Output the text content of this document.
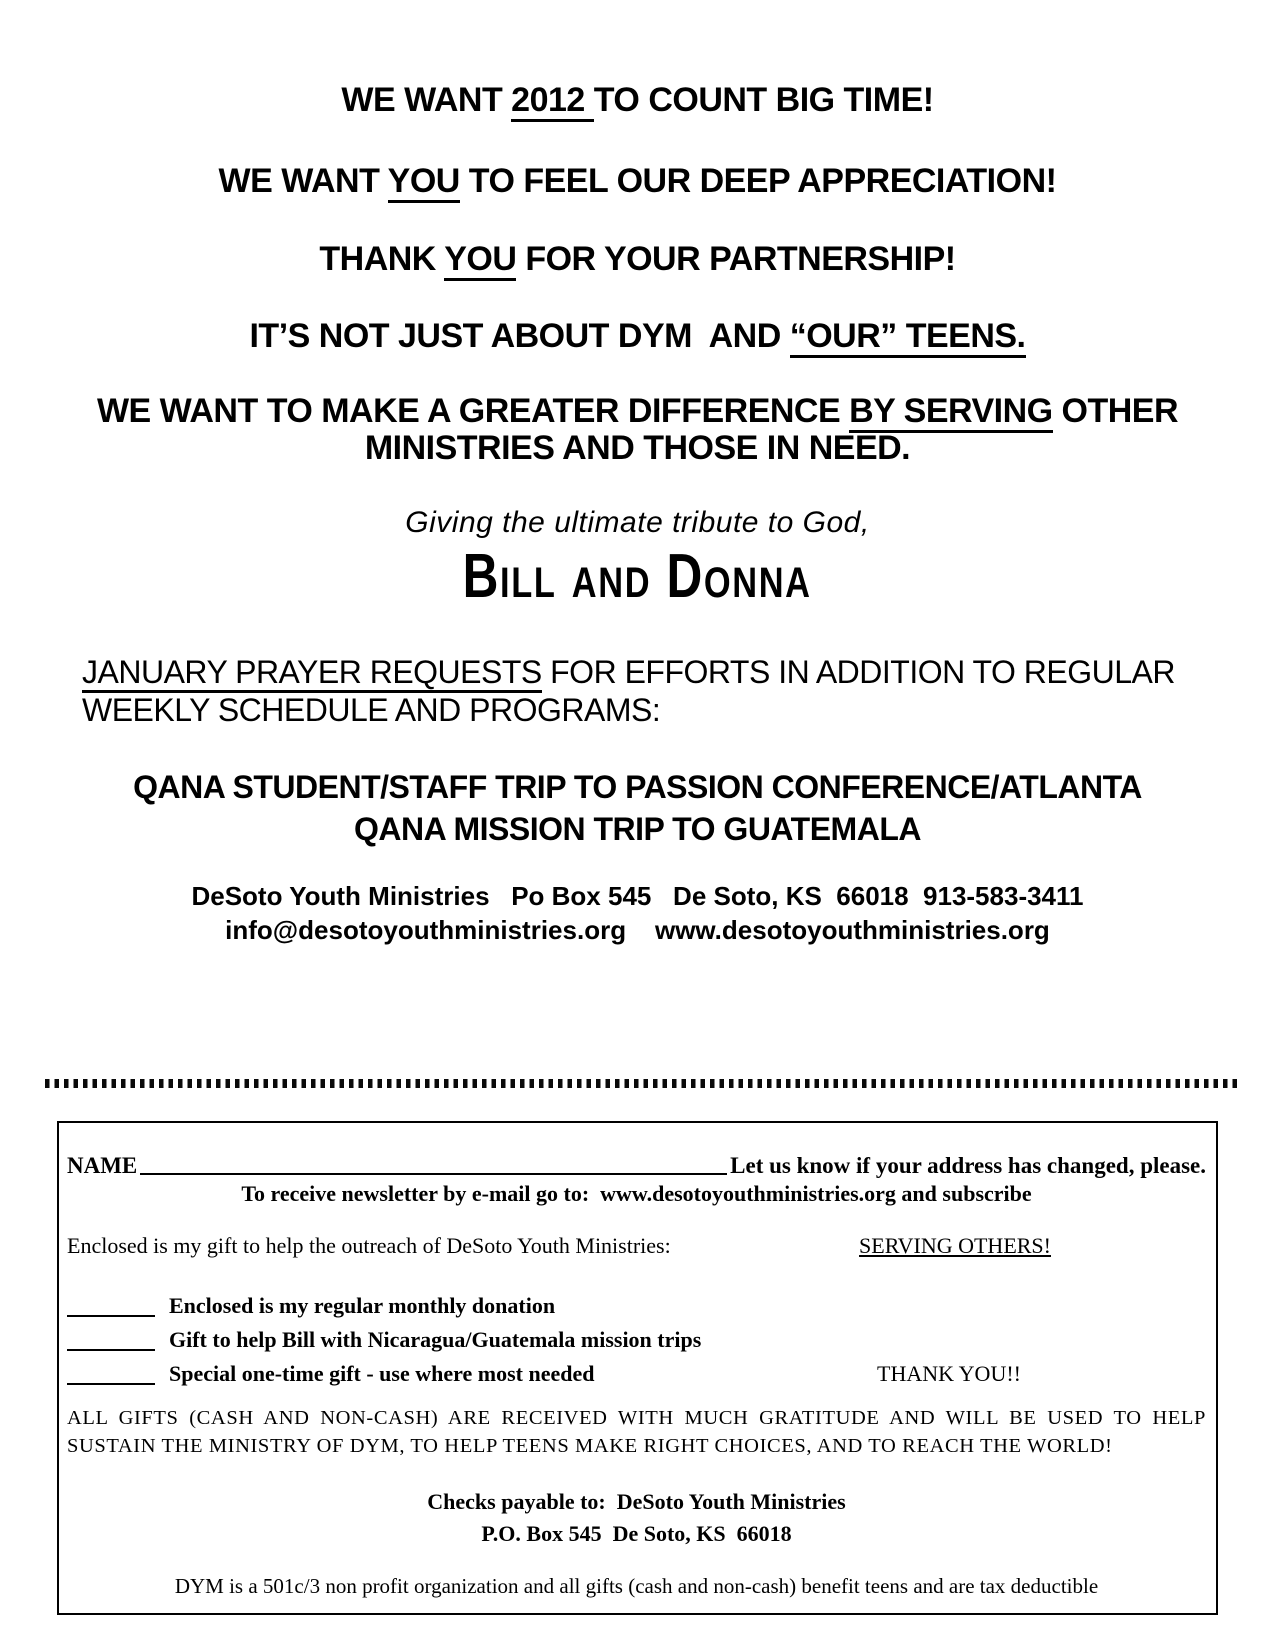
WE WANT 2012 TO COUNT BIG TIME!
WE WANT YOU TO FEEL OUR DEEP APPRECIATION!
THANK YOU FOR YOUR PARTNERSHIP!
IT’S NOT JUST ABOUT DYM  AND “OUR” TEENS.
WE WANT TO MAKE A GREATER DIFFERENCE BY SERVING OTHER
MINISTRIES AND THOSE IN NEED.
Giving the ultimate tribute to God,
Bill and Donna
JANUARY PRAYER REQUESTS FOR EFFORTS IN ADDITION TO REGULAR
WEEKLY SCHEDULE AND PROGRAMS:
QANA STUDENT/STAFF TRIP TO PASSION CONFERENCE/ATLANTA
QANA MISSION TRIP TO GUATEMALA
DeSoto Youth Ministries   Po Box 545   De Soto, KS  66018  913-583-3411
info@desotoyouthministries.org    www.desotoyouthministries.org
NAME	Let us know if your address has changed, please.
To receive newsletter by e-mail go to:  www.desotoyouthministries.org and subscribe
Enclosed is my gift to help the outreach of DeSoto Youth Ministries:	SERVING OTHERS!
Enclosed is my regular monthly donation
Gift to help Bill with Nicaragua/Guatemala mission trips
Special one-time gift - use where most needed	THANK YOU!!
ALL GIFTS (CASH AND NON-CASH) ARE RECEIVED WITH MUCH GRATITUDE AND WILL BE USED TO HELP SUSTAIN THE MINISTRY OF DYM, TO HELP TEENS MAKE RIGHT CHOICES, AND TO REACH THE WORLD!
Checks payable to:  DeSoto Youth Ministries
P.O. Box 545  De Soto, KS  66018
DYM is a 501c/3 non profit organization and all gifts (cash and non-cash) benefit teens and are tax deductible
